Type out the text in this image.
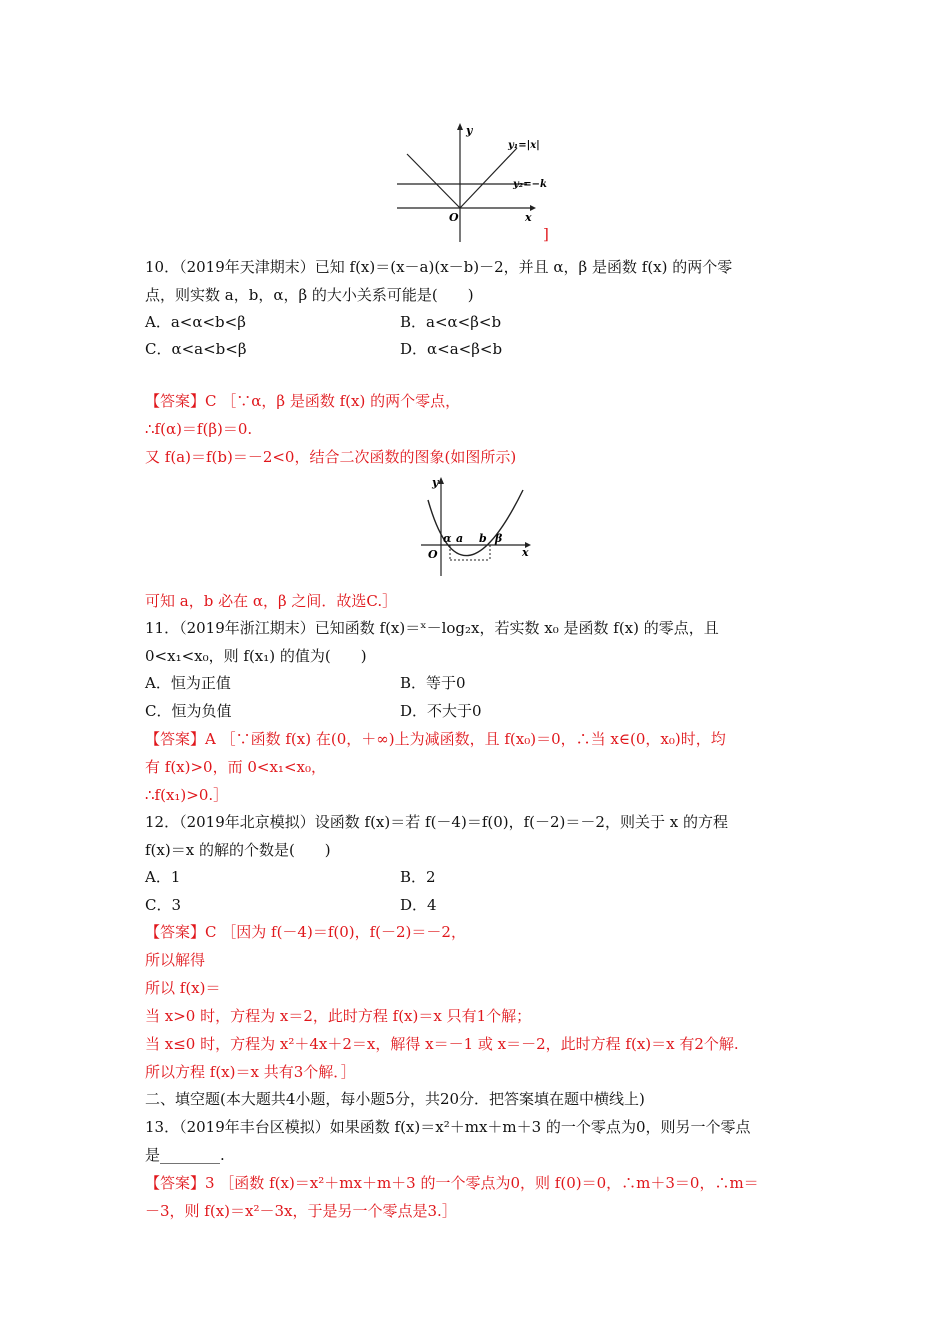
y
x
O
y₁=|x|
y₂=−k
]
10．（2019年天津期末）已知 f(x)＝(x－a)(x－b)－2，并且 α，β 是函数 f(x) 的两个零
点，则实数 a，b，α，β 的大小关系可能是(　　)
A．a<α<b<β	B．a<α<β<b
C．α<a<b<β	D．α<a<β<b
【答案】C ［∵α，β 是函数 f(x) 的两个零点，
∴f(α)＝f(β)＝0.
又 f(a)＝f(b)＝－2<0，结合二次函数的图象(如图所示)
y
x
O
α a b β
可知 a，b 必在 α，β 之间．故选C.］
11．（2019年浙江期末）已知函数 f(x)＝ˣ－log₂x，若实数 x₀ 是函数 f(x) 的零点，且
0<x₁<x₀，则 f(x₁) 的值为(　　)
A．恒为正值	B．等于0
C．恒为负值	D．不大于0
【答案】A ［∵函数 f(x) 在(0，＋∞)上为减函数，且 f(x₀)＝0，∴当 x∈(0，x₀)时，均
有 f(x)>0，而 0<x₁<x₀，
∴f(x₁)>0.］
12．（2019年北京模拟）设函数 f(x)＝若 f(－4)＝f(0)，f(－2)＝－2，则关于 x 的方程
f(x)＝x 的解的个数是(　　)
A．1	B．2
C．3	D．4
【答案】C ［因为 f(－4)＝f(0)，f(－2)＝－2，
所以解得
所以 f(x)＝
当 x>0 时，方程为 x＝2，此时方程 f(x)＝x 只有1个解；
当 x≤0 时，方程为 x²＋4x＋2＝x，解得 x＝－1 或 x＝－2，此时方程 f(x)＝x 有2个解.
所以方程 f(x)＝x 共有3个解．］
二、填空题(本大题共4小题，每小题5分，共20分．把答案填在题中横线上)
13．（2019年丰台区模拟）如果函数 f(x)＝x²＋mx＋m＋3 的一个零点为0，则另一个零点
是________.
【答案】3 ［函数 f(x)＝x²＋mx＋m＋3 的一个零点为0，则 f(0)＝0，∴m＋3＝0，∴m＝
－3，则 f(x)＝x²－3x，于是另一个零点是3.］
